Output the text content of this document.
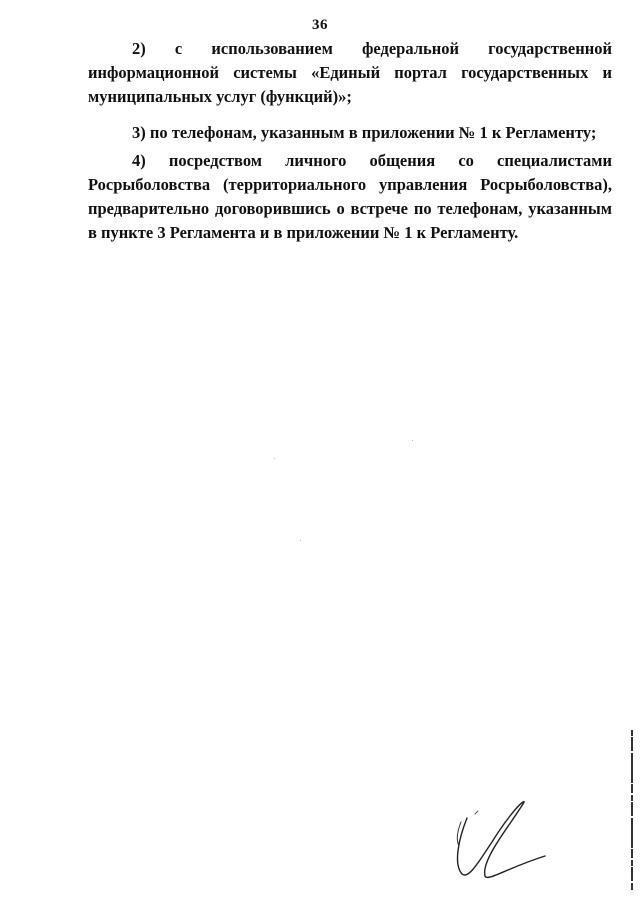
36

2) с использованием федеральной государственной информационной системы «Единый портал государственных и муниципальных услуг (функций)»;

3) по телефонам, указанным в приложении № 1 к Регламенту;

4) посредством личного общения со специалистами Росрыболовства (территориального управления Росрыболовства), предварительно договорившись о встрече по телефонам, указанным в пункте 3 Регламента и в приложении № 1 к Регламенту.
